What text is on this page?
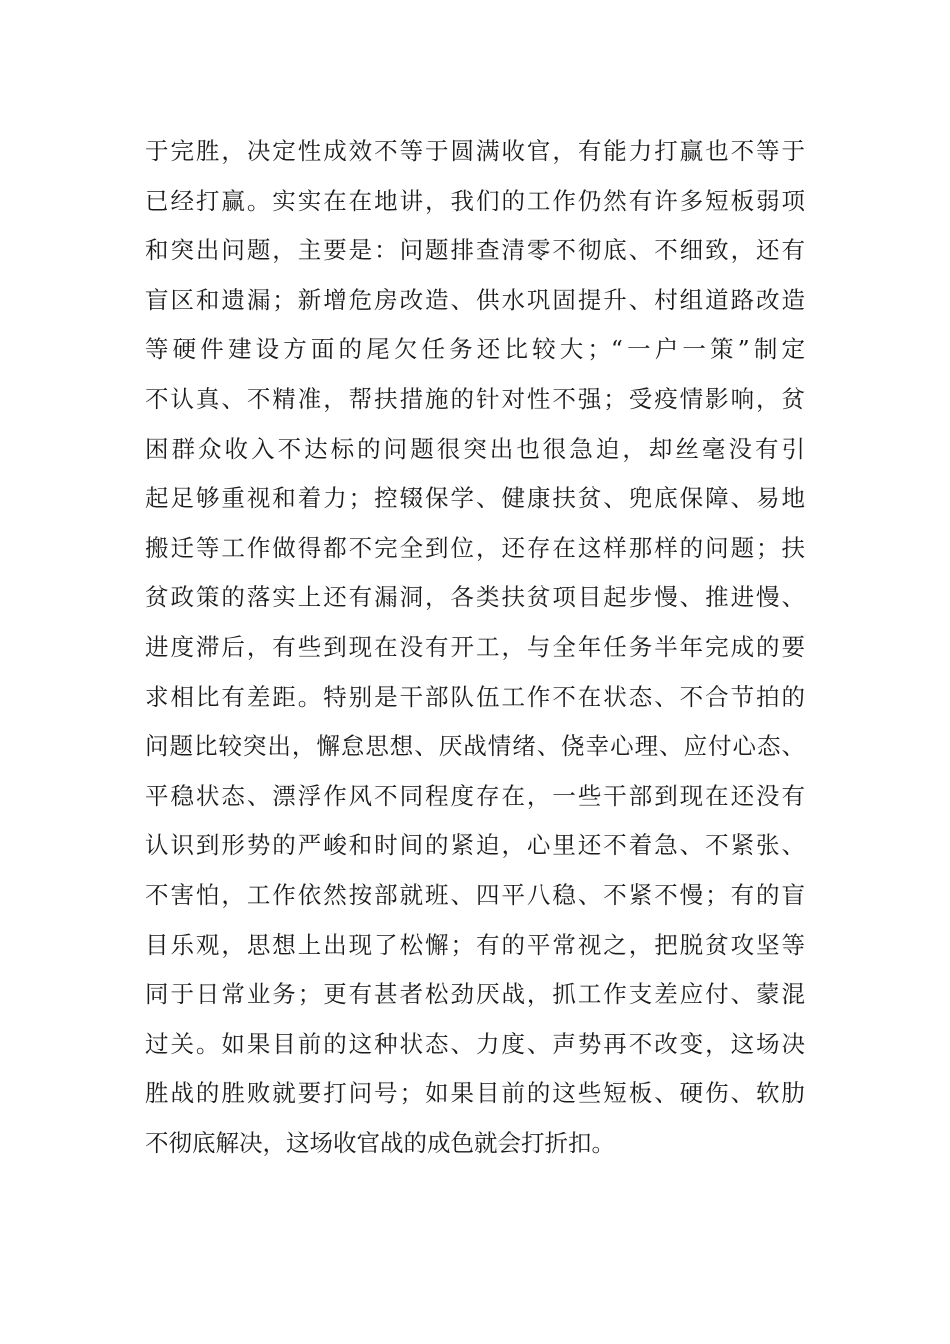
于完胜，决定性成效不等于圆满收官，有能力打赢也不等于
已经打赢。实实在在地讲，我们的工作仍然有许多短板弱项
和突出问题，主要是：问题排查清零不彻底、不细致，还有
盲区和遗漏；新增危房改造、供水巩固提升、村组道路改造
等硬件建设方面的尾欠任务还比较大；“一户一策”制定
不认真、不精准，帮扶措施的针对性不强；受疫情影响，贫
困群众收入不达标的问题很突出也很急迫，却丝毫没有引
起足够重视和着力；控辍保学、健康扶贫、兜底保障、易地
搬迁等工作做得都不完全到位，还存在这样那样的问题；扶
贫政策的落实上还有漏洞，各类扶贫项目起步慢、推进慢、
进度滞后，有些到现在没有开工，与全年任务半年完成的要
求相比有差距。特别是干部队伍工作不在状态、不合节拍的
问题比较突出，懈怠思想、厌战情绪、侥幸心理、应付心态、
平稳状态、漂浮作风不同程度存在，一些干部到现在还没有
认识到形势的严峻和时间的紧迫，心里还不着急、不紧张、
不害怕，工作依然按部就班、四平八稳、不紧不慢；有的盲
目乐观，思想上出现了松懈；有的平常视之，把脱贫攻坚等
同于日常业务；更有甚者松劲厌战，抓工作支差应付、蒙混
过关。如果目前的这种状态、力度、声势再不改变，这场决
胜战的胜败就要打问号；如果目前的这些短板、硬伤、软肋
不彻底解决，这场收官战的成色就会打折扣。
